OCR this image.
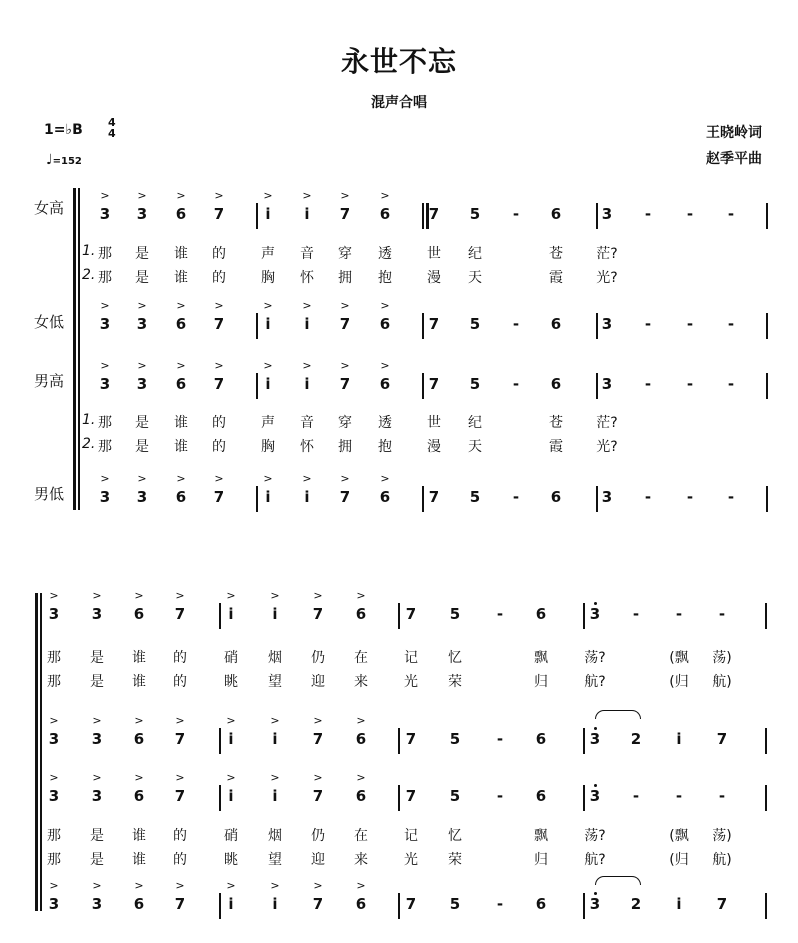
永世不忘
混声合唱
1=♭B 4
4
♩=152
王晓岭词
赵季平曲
女高
女低
男高
男低
3
>
3
>
6
>
7
>
i
>
i
>
7
>
6
>
7 5	-	6	3	-	-	-
3
>
3
>
6
>
7
>
i
>
i
>
7
>
6
>
7 5	-	6	3	-	-	-
3
>
3
>
6
>
7
>
i
>
i
>
7
>
6
>
7 5	-	6	3	-	-	-
3
>
3
>
6
>
7
>
i
>
i
>
7
>
6
>
7 5	-	6	3	-	-	-
1. 那	是	谁	的	声	音	穿	透	世	纪	苍	茫?
2. 那	是	谁	的	胸	怀	拥	抱	漫	天	霞	光?
1. 那	是	谁	的	声	音	穿	透	世	纪	苍	茫?
2. 那	是	谁	的	胸	怀	拥	抱	漫	天	霞	光?
3
>
3
>
6
>
7
>
i
>
i
>
7
>
6
>
7 5	-	6	3	-	-	-
3
>
3
>
6
>
7
>
i
>
i
>
7
>
6
>
7 5	-	6	3 2	i	7
3
>
3
>
6
>
7
>
i
>
i
>
7
>
6
>
7 5	-	6	3	-	-	-
3
>
3
>
6
>
7
>
i
>
i
>
7
>
6
>
7 5	-	6	3 2	i	7
那	是	谁	的	硝	烟	仍	在	记	忆	飘	荡?	(飘	荡)
那	是	谁	的	眺	望	迎	来	光	荣	归	航?	(归	航)
那	是	谁	的	硝	烟	仍	在	记	忆	飘	荡?	(飘	荡)
那	是	谁	的	眺	望	迎	来	光	荣	归	航?	(归	航)
